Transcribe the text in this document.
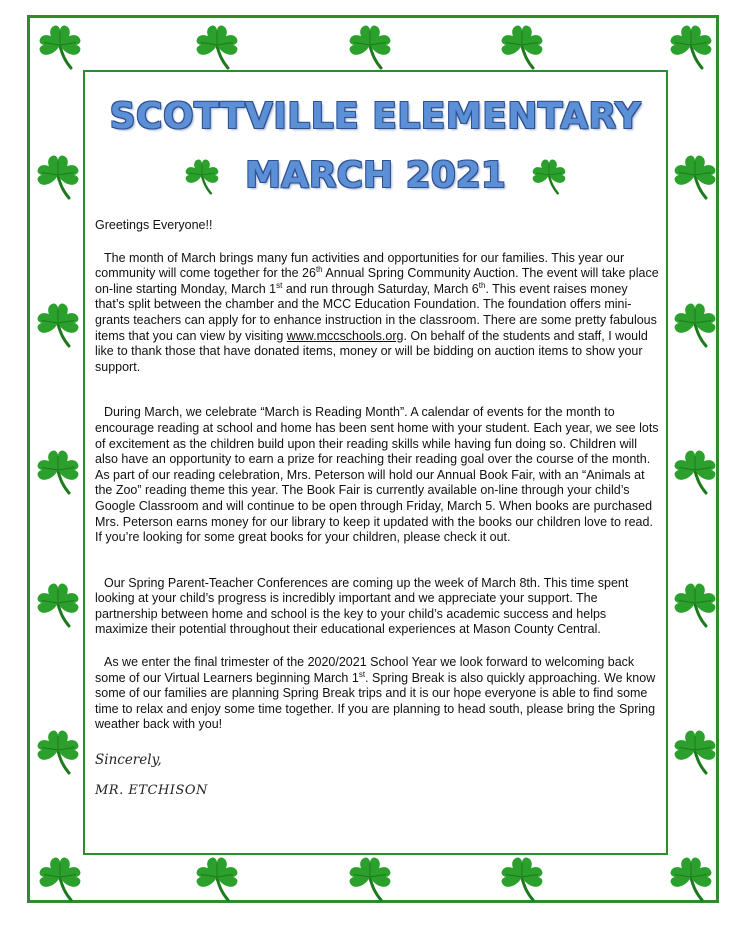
SCOTTVILLE ELEMENTARY
MARCH 2021

Greetings Everyone!!

The month of March brings many fun activities and opportunities for our families. This year our community will come together for the 26th Annual Spring Community Auction. The event will take place on-line starting Monday, March 1st and run through Saturday, March 6th. This event raises money that’s split between the chamber and the MCC Education Foundation. The foundation offers mini-grants teachers can apply for to enhance instruction in the classroom. There are some pretty fabulous items that you can view by visiting www.mccschools.org. On behalf of the students and staff, I would like to thank those that have donated items, money or will be bidding on auction items to show your support.

During March, we celebrate “March is Reading Month”. A calendar of events for the month to encourage reading at school and home has been sent home with your student. Each year, we see lots of excitement as the children build upon their reading skills while having fun doing so. Children will also have an opportunity to earn a prize for reaching their reading goal over the course of the month. As part of our reading celebration, Mrs. Peterson will hold our Annual Book Fair, with an “Animals at the Zoo” reading theme this year. The Book Fair is currently available on-line through your child’s Google Classroom and will continue to be open through Friday, March 5. When books are purchased Mrs. Peterson earns money for our library to keep it updated with the books our children love to read. If you’re looking for some great books for your children, please check it out.

Our Spring Parent-Teacher Conferences are coming up the week of March 8th. This time spent looking at your child’s progress is incredibly important and we appreciate your support. The partnership between home and school is the key to your child’s academic success and helps maximize their potential throughout their educational experiences at Mason County Central.

As we enter the final trimester of the 2020/2021 School Year we look forward to welcoming back some of our Virtual Learners beginning March 1st. Spring Break is also quickly approaching. We know some of our families are planning Spring Break trips and it is our hope everyone is able to find some time to relax and enjoy some time together. If you are planning to head south, please bring the Spring weather back with you!

Sincerely,

MR. ETCHISON
